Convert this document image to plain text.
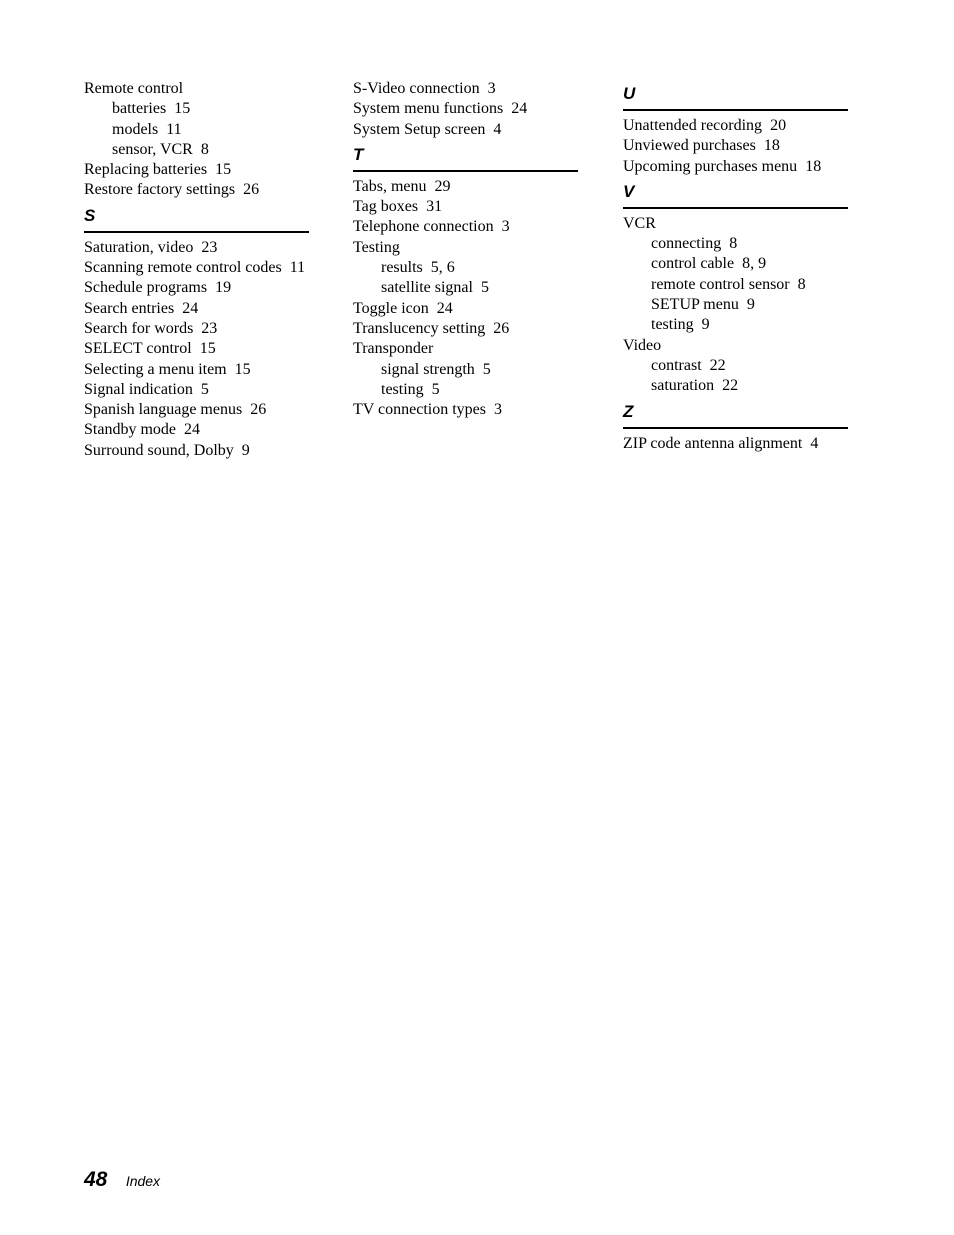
Remote control
batteries 15
models 11
sensor, VCR 8
Replacing batteries 15
Restore factory settings 26
S
Saturation, video 23
Scanning remote control codes 11
Schedule programs 19
Search entries 24
Search for words 23
SELECT control 15
Selecting a menu item 15
Signal indication 5
Spanish language menus 26
Standby mode 24
Surround sound, Dolby 9
S-Video connection 3
System menu functions 24
System Setup screen 4
T
Tabs, menu 29
Tag boxes 31
Telephone connection 3
Testing
results 5, 6
satellite signal 5
Toggle icon 24
Translucency setting 26
Transponder
signal strength 5
testing 5
TV connection types 3
U
Unattended recording 20
Unviewed purchases 18
Upcoming purchases menu 18
V
VCR
connecting 8
control cable 8, 9
remote control sensor 8
SETUP menu 9
testing 9
Video
contrast 22
saturation 22
Z
ZIP code antenna alignment 4
48 Index
